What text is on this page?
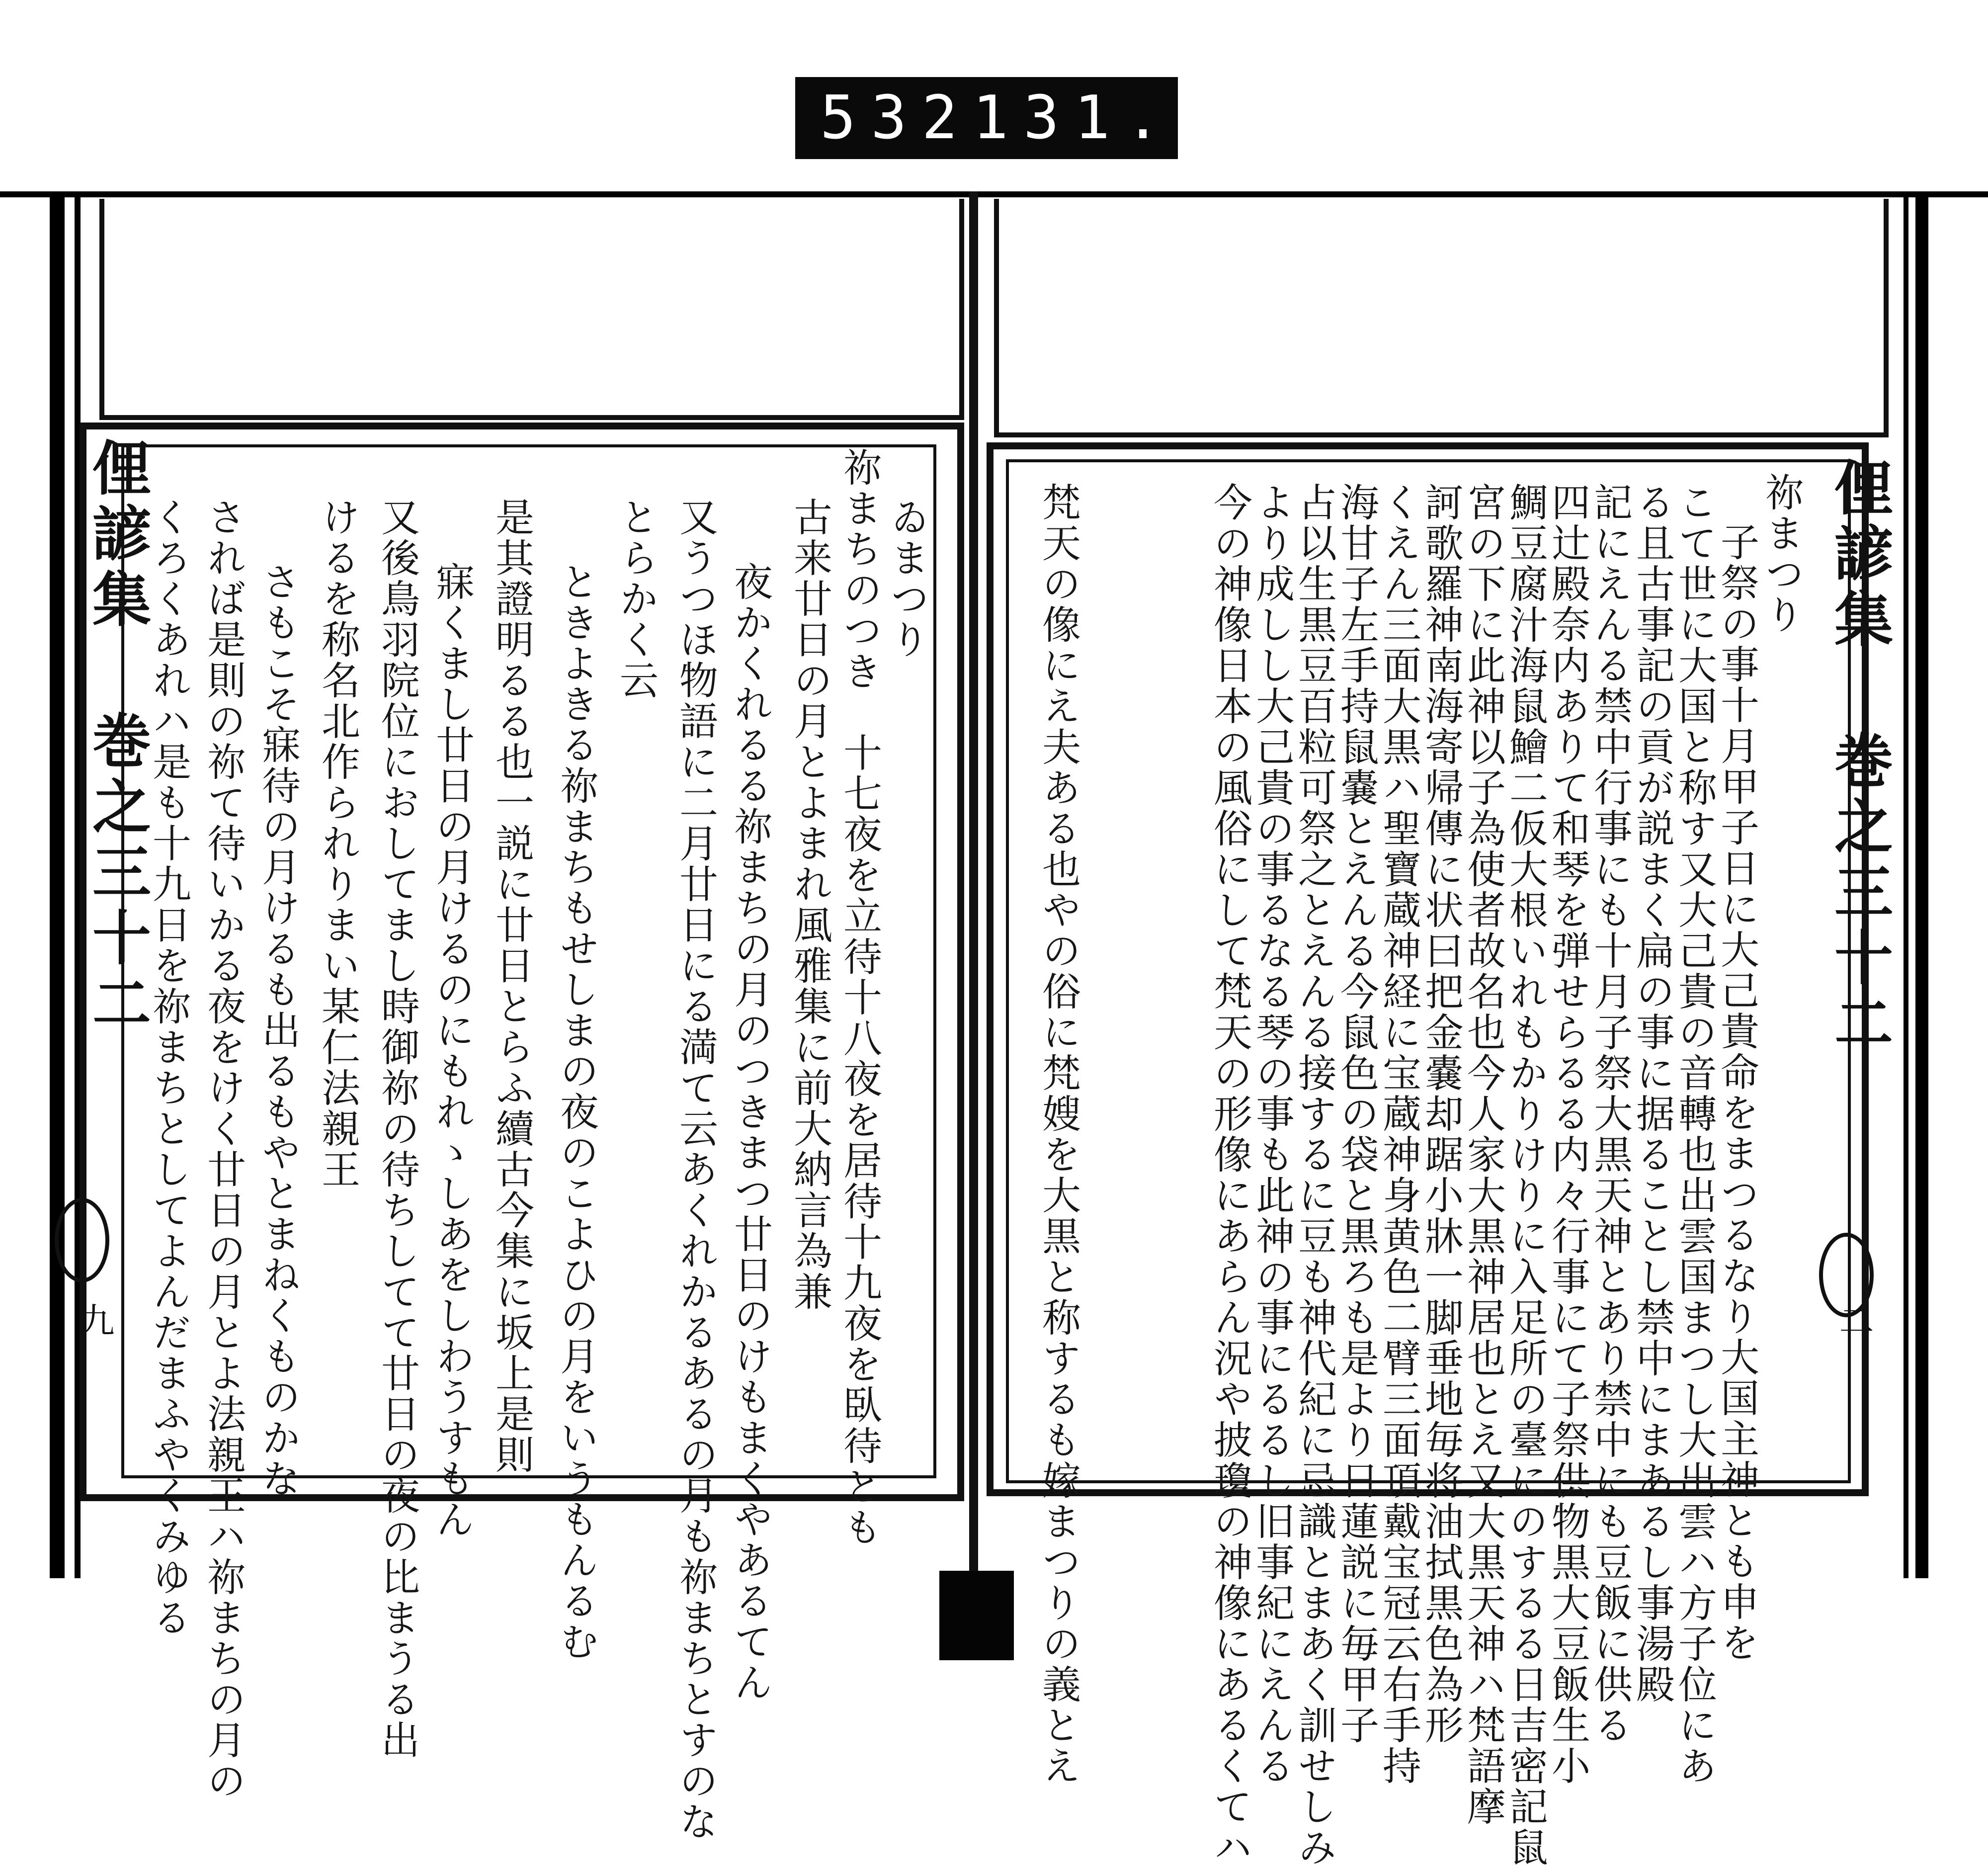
532 131.
俚諺集 巻之三十二
二
俚諺集 巻之三十二
九
祢まつり
子祭の事十月甲子日に大己貴命をまつるなり大国主神とも申を
こて世に大国と称す又大己貴の音轉也出雲国まつし大出雲ハ方子位にあ
る且古事記の貢が説まく扁の事に据ることし禁中にまあるし事湯殿
記にえんる禁中行事にも十月子祭大黒天神とあり禁中にも豆飯に供る
四辻殿奈内ありて和琴を弾せらるる内々行事にて子祭供物黒大豆飯生小
鯛豆腐汁海鼠鱠二仮大根いれもかりけりに入足所の臺にのするる日吉密記鼠
宮の下に此神以子為使者故名也今人家大黒神居也とえ又大黒天神ハ梵語摩
訶歌羅神南海寄帰傳に状曰把金嚢却踞小牀一脚垂地毎将油拭黒色為形
くえん三面大黒ハ聖寶蔵神経に宝蔵神身黄色二臂三面頂戴宝冠云右手持
海甘子左手持鼠嚢とえんる今鼠色の袋と黒ろも是より日蓮説に毎甲子
占以生黒豆百粒可祭之とえんる接するに豆も神代紀に忌識とまあく訓せしみ
より成しし大己貴の事るなる琴の事も此神の事にるるし旧事紀にえんる
今の神像日本の風俗にして梵天の形像にあらん況や披瓊の神像にあるくてハ
梵天の像にえ夫ある也やの俗に梵嫂を大黒と称するも嫁まつりの義とえ
ゐまつり
祢まちのつき　十七夜を立待十八夜を居待十九夜を臥待とも
古来廿日の月とよまれ風雅集に前大納言為兼
夜かくれるる祢まちの月のつきまつ廿日のけもまくやあるてん
又うつほ物語に二月廿日にる満て云あくれかるあるの月も祢まちとすのな
とらかく云
ときよきる祢まちもせしまの夜のこよひの月をいうもんるむ
是其證明るる也一説に廿日とらふ續古今集に坂上是則
寐くまし廿日の月けるのにもれゝしあをしわうすもん
又後鳥羽院位におしてまし時御祢の待ちしてて廿日の夜の比まうる出
けるを称名北作られりまい某仁法親王
さもこそ寐待の月けるも出るもやとまねくものかな
されば是則の祢て待いかる夜をけく廿日の月とよ法親王ハ祢まちの月の
くろくあれハ是も十九日を祢まちとしてよんだまふやくみゆる
